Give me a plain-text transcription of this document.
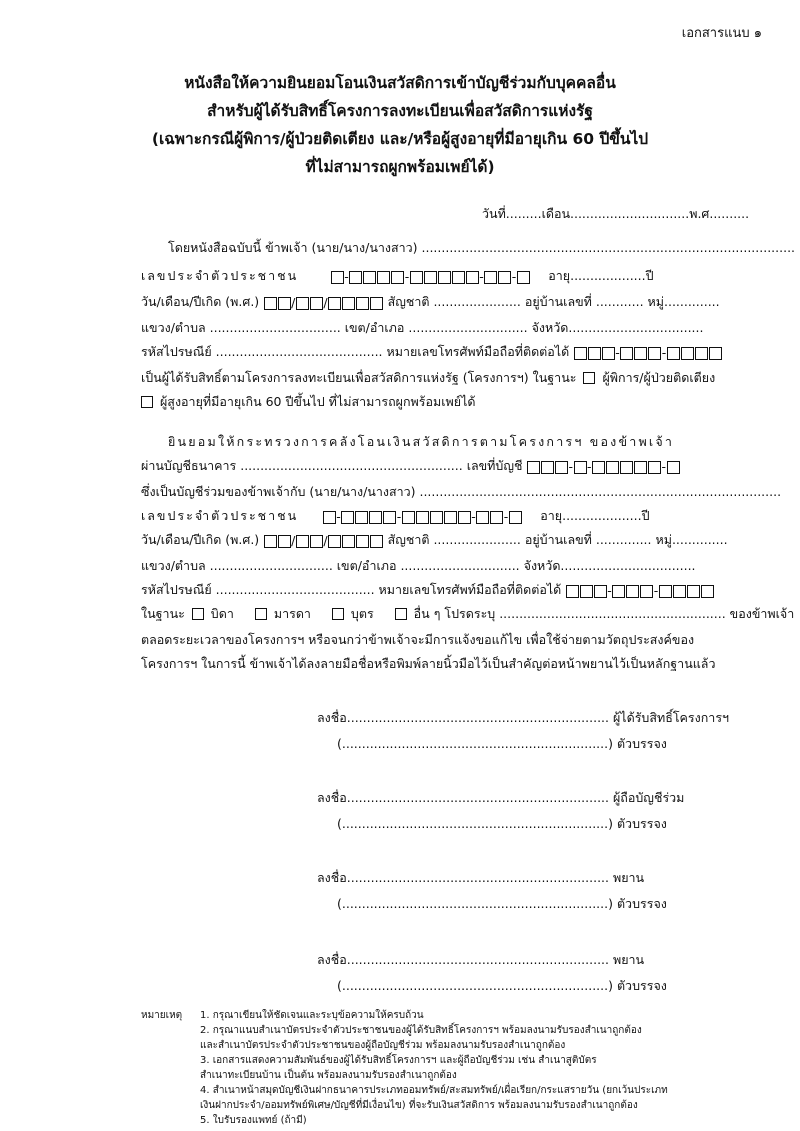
เอกสารแนบ ๑
หนังสือให้ความยินยอมโอนเงินสวัสดิการเข้าบัญชีร่วมกับบุคคลอื่น
สำหรับผู้ได้รับสิทธิ์โครงการลงทะเบียนเพื่อสวัสดิการแห่งรัฐ
(เฉพาะกรณีผู้พิการ/ผู้ป่วยติดเตียง และ/หรือผู้สูงอายุที่มีอายุเกิน 60 ปีขึ้นไป
ที่ไม่สามารถผูกพร้อมเพย์ได้)
วันที่.........เดือน..............................พ.ศ..........
โดยหนังสือฉบับนี้ ข้าพเจ้า (นาย/นาง/นางสาว) ..............................................................................................
เลขประจำตัวประชาชน	-	-	- -	อายุ...................ปี
วัน/เดือน/ปีเกิด (พ.ศ.)	/ /	สัญชาติ ...................... อยู่บ้านเลขที่ ............ หมู่..............
แขวง/ตำบล ................................. เขต/อำเภอ .............................. จังหวัด..................................
รหัสไปรษณีย์ .......................................... หมายเลขโทรศัพท์มือถือที่ติดต่อได้	-	-
เป็นผู้ได้รับสิทธิ์ตามโครงการลงทะเบียนเพื่อสวัสดิการแห่งรัฐ (โครงการฯ) ในฐานะ ผู้พิการ/ผู้ป่วยติดเตียง
ผู้สูงอายุที่มีอายุเกิน 60 ปีขึ้นไป ที่ไม่สามารถผูกพร้อมเพย์ได้
ยินยอมให้กระทรวงการคลังโอนเงินสวัสดิการตามโครงการฯ ของข้าพเจ้า
ผ่านบัญชีธนาคาร ........................................................ เลขที่บัญชี	- -	-
ซึ่งเป็นบัญชีร่วมของข้าพเจ้ากับ (นาย/นาง/นางสาว) ...........................................................................................
เลขประจำตัวประชาชน	-	-	- -	อายุ....................ปี
วัน/เดือน/ปีเกิด (พ.ศ.)	/ /	สัญชาติ ...................... อยู่บ้านเลขที่ .............. หมู่..............
แขวง/ตำบล ............................... เขต/อำเภอ .............................. จังหวัด..................................
รหัสไปรษณีย์ ........................................ หมายเลขโทรศัพท์มือถือที่ติดต่อได้	-	-
ในฐานะ บิดา	มารดา	บุตร	อื่น ๆ โปรดระบุ ......................................................... ของข้าพเจ้า
ตลอดระยะเวลาของโครงการฯ หรือจนกว่าข้าพเจ้าจะมีการแจ้งขอแก้ไข เพื่อใช้จ่ายตามวัตถุประสงค์ของ
โครงการฯ ในการนี้ ข้าพเจ้าได้ลงลายมือชื่อหรือพิมพ์ลายนิ้วมือไว้เป็นสำคัญต่อหน้าพยานไว้เป็นหลักฐานแล้ว
ลงชื่อ.................................................................. ผู้ได้รับสิทธิ์โครงการฯ
(...................................................................) ตัวบรรจง
ลงชื่อ.................................................................. ผู้ถือบัญชีร่วม
(...................................................................) ตัวบรรจง
ลงชื่อ.................................................................. พยาน
(...................................................................) ตัวบรรจง
ลงชื่อ.................................................................. พยาน
(...................................................................) ตัวบรรจง
หมายเหตุ 1. กรุณาเขียนให้ชัดเจนและระบุข้อความให้ครบถ้วน
2. กรุณาแนบสำเนาบัตรประจำตัวประชาชนของผู้ได้รับสิทธิ์โครงการฯ พร้อมลงนามรับรองสำเนาถูกต้อง
และสำเนาบัตรประจำตัวประชาชนของผู้ถือบัญชีร่วม พร้อมลงนามรับรองสำเนาถูกต้อง
3. เอกสารแสดงความสัมพันธ์ของผู้ได้รับสิทธิ์โครงการฯ และผู้ถือบัญชีร่วม เช่น สำเนาสูติบัตร
สำเนาทะเบียนบ้าน เป็นต้น พร้อมลงนามรับรองสำเนาถูกต้อง
4. สำเนาหน้าสมุดบัญชีเงินฝากธนาคารประเภทออมทรัพย์/สะสมทรัพย์/เผื่อเรียก/กระแสรายวัน (ยกเว้นประเภท
เงินฝากประจำ/ออมทรัพย์พิเศษ/บัญชีที่มีเงื่อนไข) ที่จะรับเงินสวัสดิการ พร้อมลงนามรับรองสำเนาถูกต้อง
5. ใบรับรองแพทย์ (ถ้ามี)
